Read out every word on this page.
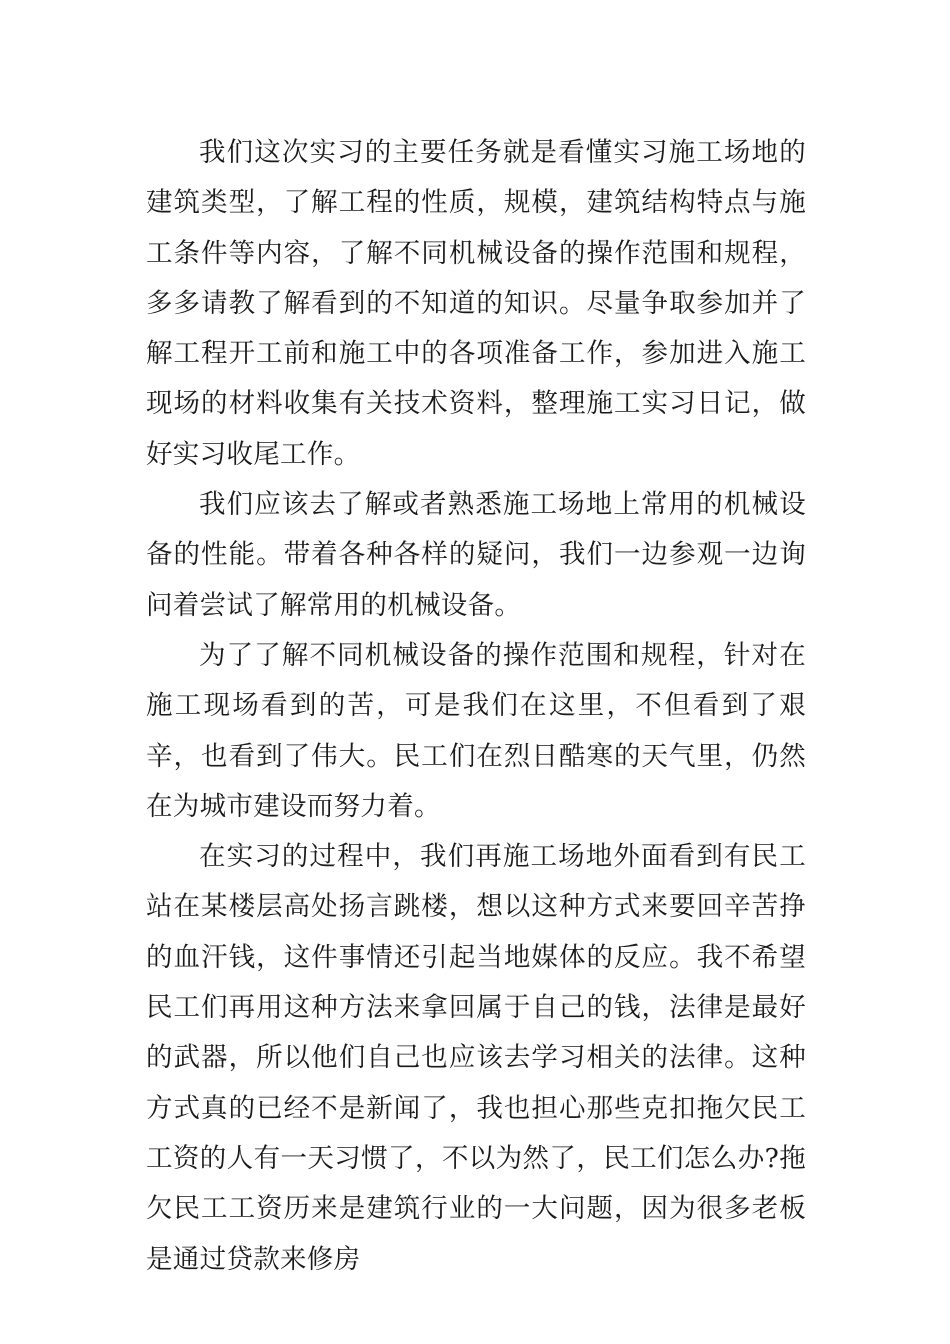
我们这次实习的主要任务就是看懂实习施工场地的建筑类型，了解工程的性质，规模，建筑结构特点与施工条件等内容，了解不同机械设备的操作范围和规程，多多请教了解看到的不知道的知识。尽量争取参加并了解工程开工前和施工中的各项准备工作，参加进入施工现场的材料收集有关技术资料，整理施工实习日记，做好实习收尾工作。

我们应该去了解或者熟悉施工场地上常用的机械设备的性能。带着各种各样的疑问，我们一边参观一边询问着尝试了解常用的机械设备。

为了了解不同机械设备的操作范围和规程，针对在施工现场看到的苦，可是我们在这里，不但看到了艰辛，也看到了伟大。民工们在烈日酷寒的天气里，仍然在为城市建设而努力着。

在实习的过程中，我们再施工场地外面看到有民工站在某楼层高处扬言跳楼，想以这种方式来要回辛苦挣的血汗钱，这件事情还引起当地媒体的反应。我不希望民工们再用这种方法来拿回属于自己的钱，法律是最好的武器，所以他们自己也应该去学习相关的法律。这种方式真的已经不是新闻了，我也担心那些克扣拖欠民工工资的人有一天习惯了，不以为然了，民工们怎么办?拖欠民工工资历来是建筑行业的一大问题，因为很多老板是通过贷款来修房
